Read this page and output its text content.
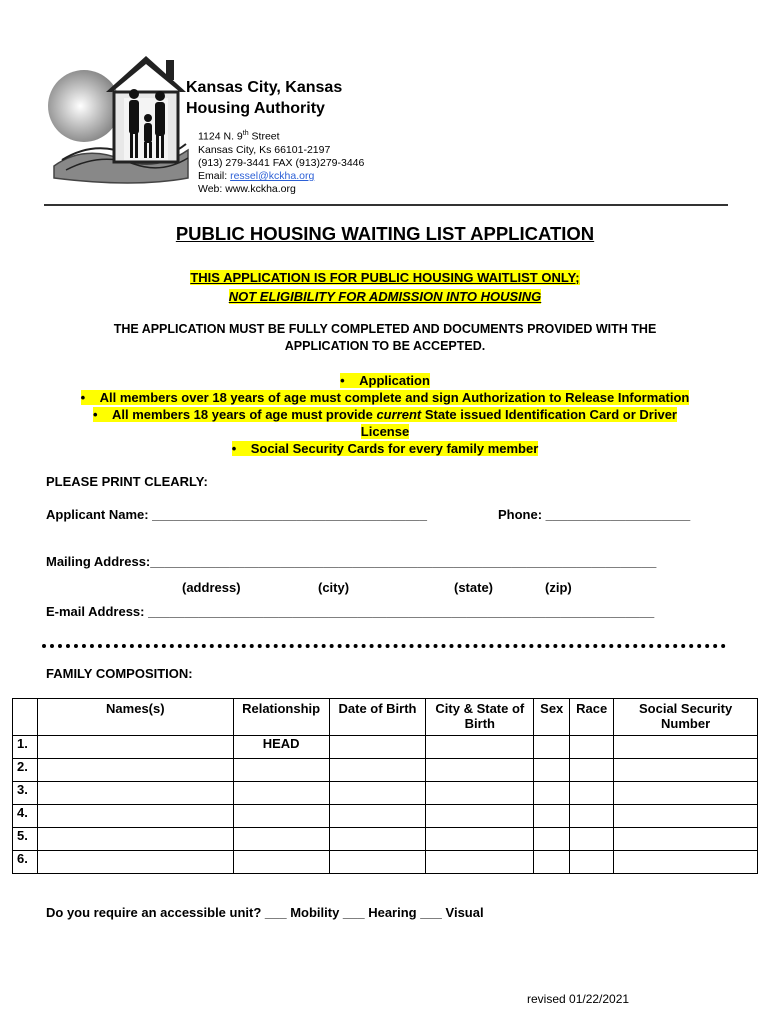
Kansas City, Kansas
Housing Authority
1124 N. 9th Street
Kansas City, Ks 66101-2197
(913) 279-3441 FAX (913)279-3446
Email: ressel@kckha.org
Web: www.kckha.org
PUBLIC HOUSING WAITING LIST APPLICATION
THIS APPLICATION IS FOR PUBLIC HOUSING WAITLIST ONLY;
NOT ELIGIBILITY FOR ADMISSION INTO HOUSING
THE APPLICATION MUST BE FULLY COMPLETED AND DOCUMENTS PROVIDED WITH THE
APPLICATION TO BE ACCEPTED.
•    Application
•    All members over 18 years of age must complete and sign Authorization to Release Information
•    All members 18 years of age must provide current State issued Identification Card or Driver
License
•    Social Security Cards for every family member
PLEASE PRINT CLEARLY:
Applicant Name: ______________________________________	Phone: ____________________
Mailing Address:______________________________________________________________________
(address)	(city)	(state)	(zip)
E-mail Address: ______________________________________________________________________
FAMILY COMPOSITION:
	Names(s)	Relationship	Date of Birth	City & State of Birth	Sex	Race	Social Security Number
1.		HEAD					
2.							
3.							
4.							
5.							
6.							
Do you require an accessible unit? ___ Mobility ___ Hearing ___ Visual
revised 01/22/2021
